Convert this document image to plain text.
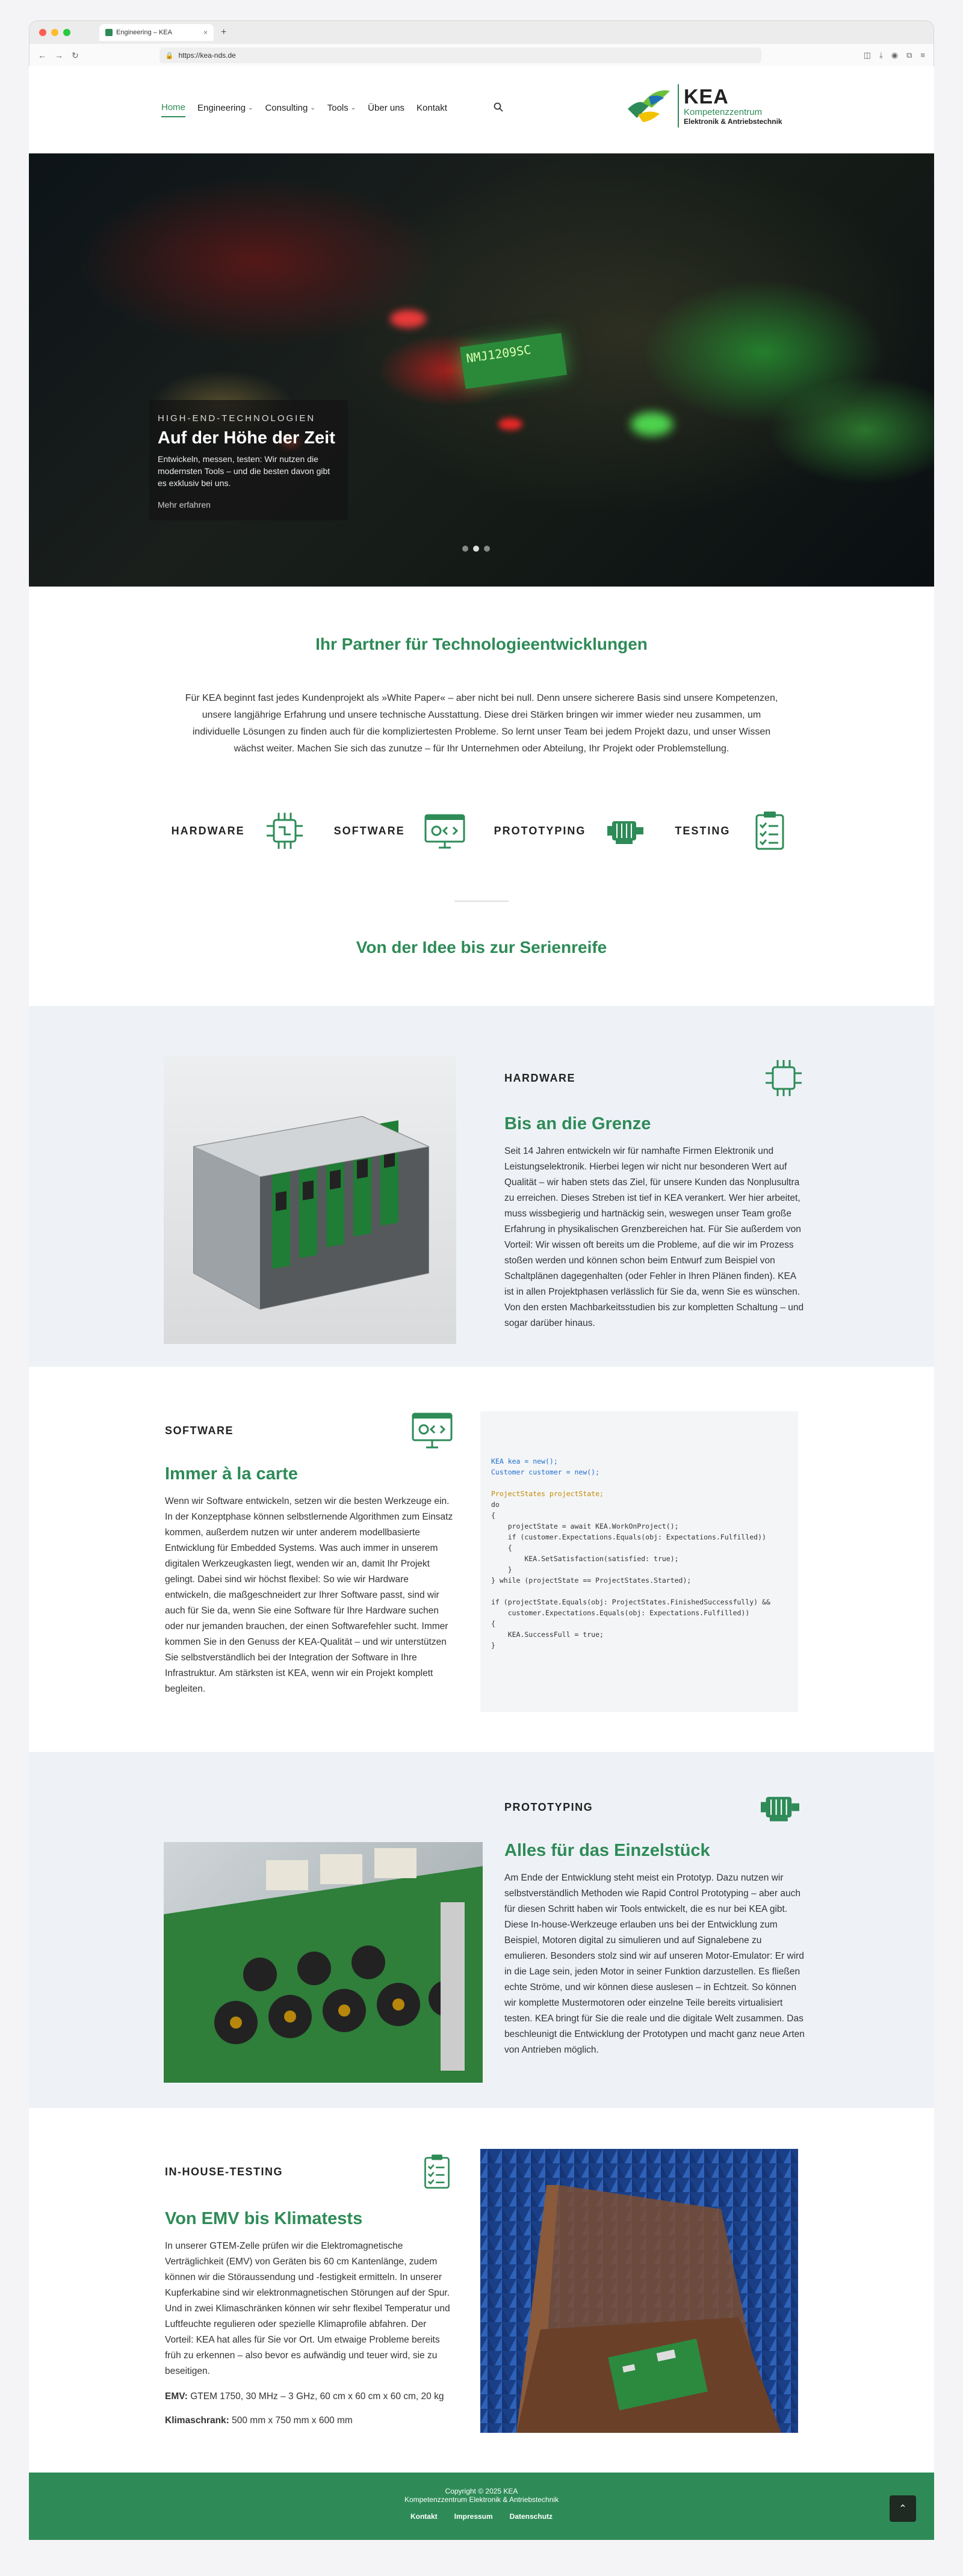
Engineering – KEA	× +
← → ↻	🔒 https://kea-nds.de	◫ ⤓ ◉ ⧉ ≡
Home Engineering ⌄ Consulting ⌄ Tools ⌄ Über uns Kontakt	KEA
Kompetenzzentrum
Elektronik & Antriebstechnik
NMJ1209SC
HIGH-END-TECHNOLOGIEN
Auf der Höhe der Zeit

Entwickeln, messen, testen: Wir nutzen die modernsten Tools – und die besten davon gibt es exklusiv bei uns.

Mehr erfahren
Ihr Partner für Technologieentwicklungen

Für KEA beginnt fast jedes Kundenprojekt als »White Paper« – aber nicht bei null. Denn unsere sicherere Basis sind unsere Kompetenzen, unsere langjährige Erfahrung und unsere technische Ausstattung. Diese drei Stärken bringen wir immer wieder neu zusammen, um individuelle Lösungen zu finden auch für die kompliziertesten Probleme. So lernt unser Team bei jedem Projekt dazu, und unser Wissen wächst weiter. Machen Sie sich das zunutze – für Ihr Unternehmen oder Abteilung, Ihr Projekt oder Problemstellung.

HARDWARE	SOFTWARE	PROTOTYPING	TESTING
Von der Idee bis zur Serienreife
HARDWARE
Bis an die Grenze

Seit 14 Jahren entwickeln wir für namhafte Firmen Elektronik und Leistungselektronik. Hierbei legen wir nicht nur besonderen Wert auf Qualität – wir haben stets das Ziel, für unsere Kunden das Nonplusultra zu erreichen. Dieses Streben ist tief in KEA verankert. Wer hier arbeitet, muss wissbegierig und hartnäckig sein, weswegen unser Team große Erfahrung in physikalischen Grenzbereichen hat. Für Sie außerdem von Vorteil: Wir wissen oft bereits um die Probleme, auf die wir im Prozess stoßen werden und können schon beim Entwurf zum Beispiel von Schaltplänen dagegenhalten (oder Fehler in Ihren Plänen finden). KEA ist in allen Projektphasen verlässlich für Sie da, wenn Sie es wünschen. Von den ersten Machbarkeitsstudien bis zur kompletten Schaltung – und sogar darüber hinaus.

SOFTWARE
Immer à la carte

Wenn wir Software entwickeln, setzen wir die besten Werkzeuge ein. In der Konzeptphase können selbstlernende Algorithmen zum Einsatz kommen, außerdem nutzen wir unter anderem modellbasierte Entwicklung für Embedded Systems. Was auch immer in unserem digitalen Werkzeugkasten liegt, wenden wir an, damit Ihr Projekt gelingt. Dabei sind wir höchst flexibel: So wie wir Hardware entwickeln, die maßgeschneidert zur Ihrer Software passt, sind wir auch für Sie da, wenn Sie eine Software für Ihre Hardware suchen oder nur jemanden brauchen, der einen Softwarefehler sucht. Immer kommen Sie in den Genuss der KEA-Qualität – und wir unterstützen Sie selbstverständlich bei der Integration der Software in Ihre Infrastruktur. Am stärksten ist KEA, wenn wir ein Projekt komplett begleiten.

KEA kea = new();
Customer customer = new();

ProjectStates projectState;
do
{
projectState = await KEA.WorkOnProject();
if (customer.Expectations.Equals(obj: Expectations.Fulfilled))
{
KEA.SetSatisfaction(satisfied: true);
}
} while (projectState == ProjectStates.Started);

if (projectState.Equals(obj: ProjectStates.FinishedSuccessfully) &&
customer.Expectations.Equals(obj: Expectations.Fulfilled))
{
KEA.SuccessFull = true;
}
PROTOTYPING
Alles für das Einzelstück

Am Ende der Entwicklung steht meist ein Prototyp. Dazu nutzen wir selbstverständlich Methoden wie Rapid Control Prototyping – aber auch für diesen Schritt haben wir Tools entwickelt, die es nur bei KEA gibt. Diese In-house-Werkzeuge erlauben uns bei der Entwicklung zum Beispiel, Motoren digital zu simulieren und auf Signalebene zu emulieren. Besonders stolz sind wir auf unseren Motor-Emulator: Er wird in die Lage sein, jeden Motor in seiner Funktion darzustellen. Es fließen echte Ströme, und wir können diese auslesen – in Echtzeit. So können wir komplette Mustermotoren oder einzelne Teile bereits virtualisiert testen. KEA bringt für Sie die reale und die digitale Welt zusammen. Das beschleunigt die Entwicklung der Prototypen und macht ganz neue Arten von Antrieben möglich.

IN-HOUSE-TESTING
Von EMV bis Klimatests

In unserer GTEM-Zelle prüfen wir die Elektromagnetische Verträglichkeit (EMV) von Geräten bis 60 cm Kantenlänge, zudem können wir die Störaussendung und -festigkeit ermitteln. In unserer Kupferkabine sind wir elektronmagnetischen Störungen auf der Spur. Und in zwei Klimaschränken können wir sehr flexibel Temperatur und Luftfeuchte regulieren oder spezielle Klimaprofile abfahren. Der Vorteil: KEA hat alles für Sie vor Ort. Um etwaige Probleme bereits früh zu erkennen – also bevor es aufwändig und teuer wird, sie zu beseitigen.

EMV: GTEM 1750, 30 MHz – 3 GHz, 60 cm x 60 cm x 60 cm, 20 kg

Klimaschrank: 500 mm x 750 mm x 600 mm

Copyright © 2025 KEA
Kompetenzzentrum Elektronik & Antriebstechnik
Kontakt Impressum Datenschutz
⌃
